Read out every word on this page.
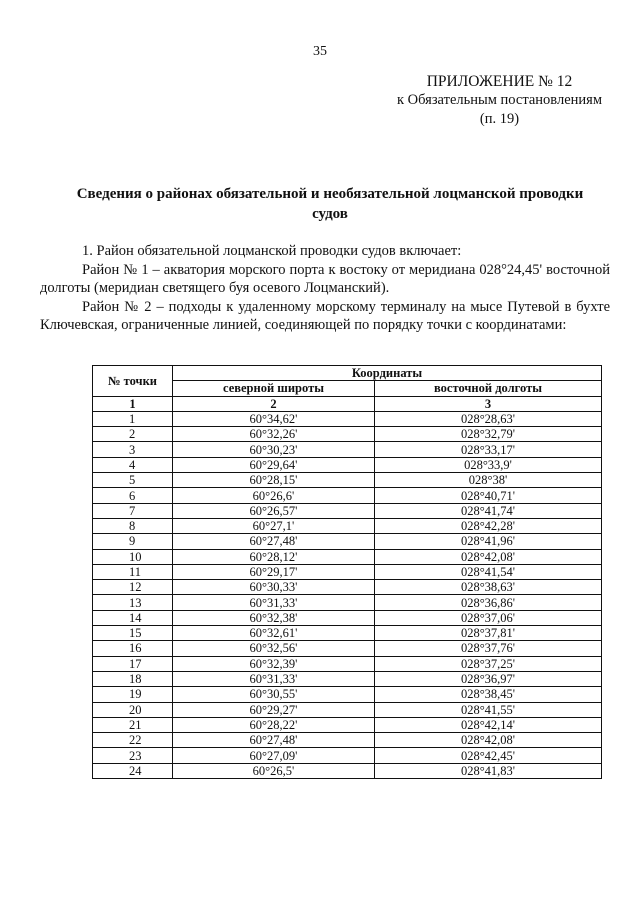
35
ПРИЛОЖЕНИЕ № 12
к Обязательным постановлениям
(п. 19)
Сведения о районах обязательной и необязательной лоцманской проводки судов

1. Район обязательной лоцманской проводки судов включает:

Район № 1 – акватория морского порта к востоку от меридиана 028°24,45' восточной долготы (меридиан светящего буя осевого Лоцманский).

Район № 2 – подходы к удаленному морскому терминалу на мысе Путевой в бухте Ключевская, ограниченные линией, соединяющей по порядку точки с координатами:

№ точки	Координаты	
	северной широты	восточной долготы
1	2	3
1	60°34,62'	028°28,63'
2	60°32,26'	028°32,79'
3	60°30,23'	028°33,17'
4	60°29,64'	028°33,9'
5	60°28,15'	028°38'
6	60°26,6'	028°40,71'
7	60°26,57'	028°41,74'
8	60°27,1'	028°42,28'
9	60°27,48'	028°41,96'
10	60°28,12'	028°42,08'
11	60°29,17'	028°41,54'
12	60°30,33'	028°38,63'
13	60°31,33'	028°36,86'
14	60°32,38'	028°37,06'
15	60°32,61'	028°37,81'
16	60°32,56'	028°37,76'
17	60°32,39'	028°37,25'
18	60°31,33'	028°36,97'
19	60°30,55'	028°38,45'
20	60°29,27'	028°41,55'
21	60°28,22'	028°42,14'
22	60°27,48'	028°42,08'
23	60°27,09'	028°42,45'
24	60°26,5'	028°41,83'
